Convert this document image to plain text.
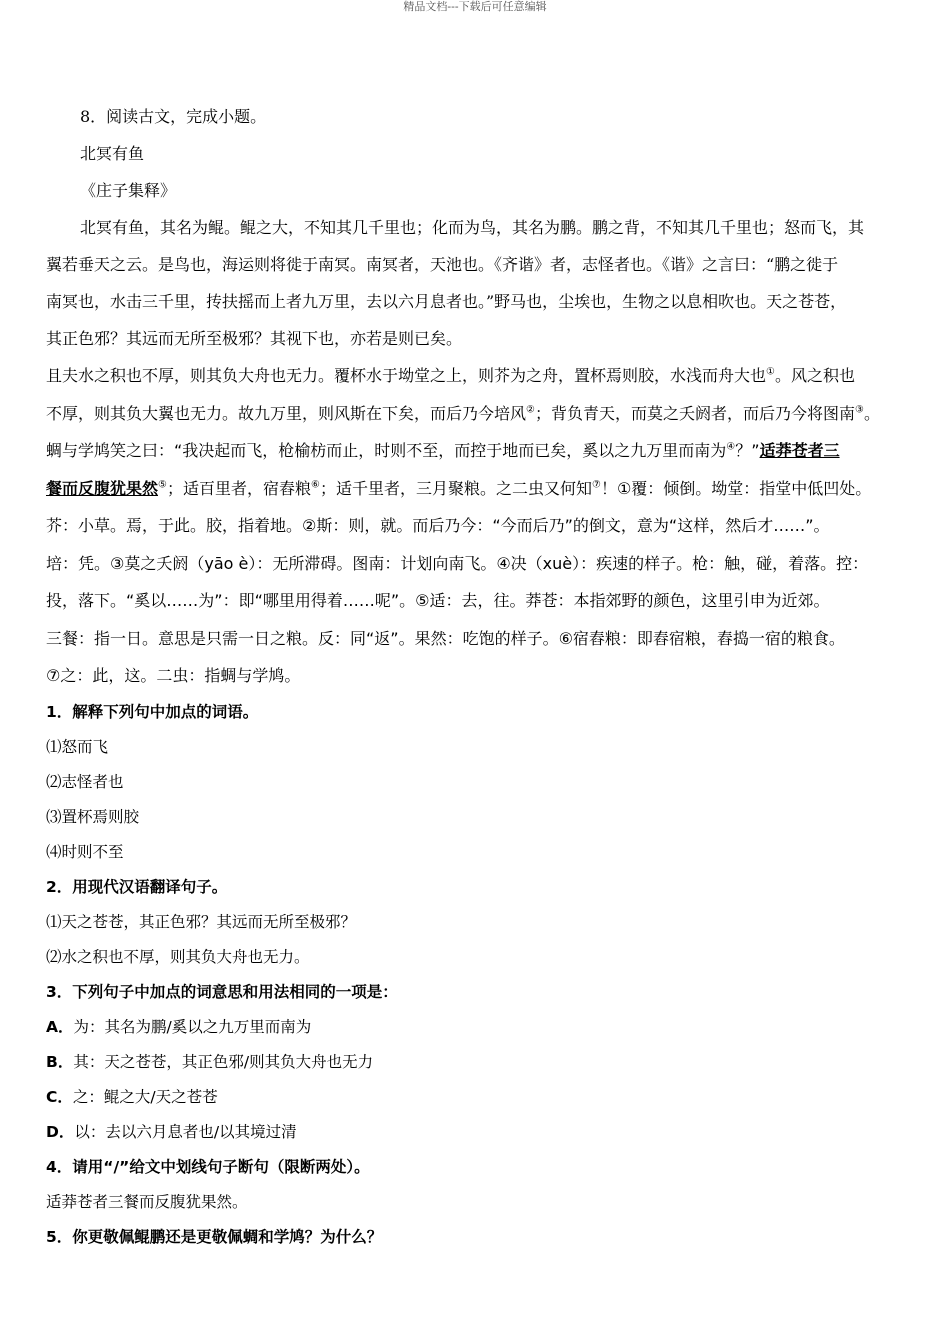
精品文档---下载后可任意编辑
8．阅读古文，完成小题。
北冥有鱼
《庄子集释》
北冥有鱼，其名为鲲。鲲之大，不知其几千里也；化而为鸟，其名为鹏。鹏之背，不知其几千里也；怒而飞，其
翼若垂天之云。是鸟也，海运则将徙于南冥。南冥者，天池也。《齐谐》者，志怪者也。《谐》之言曰：“鹏之徙于
南冥也，水击三千里，抟扶摇而上者九万里，去以六月息者也。”野马也，尘埃也，生物之以息相吹也。天之苍苍，
其正色邪？其远而无所至极邪？其视下也，亦若是则已矣。
且夫水之积也不厚，则其负大舟也无力。覆杯水于坳堂之上，则芥为之舟，置杯焉则胶，水浅而舟大也①。风之积也
不厚，则其负大翼也无力。故九万里，则风斯在下矣，而后乃今培风②；背负青天，而莫之夭阏者，而后乃今将图南③。
蜩与学鸠笑之曰：“我决起而飞，枪榆枋而止，时则不至，而控于地而已矣，奚以之九万里而南为④？”适莽苍者三
餐而反腹犹果然⑤；适百里者，宿舂粮⑥；适千里者，三月聚粮。之二虫又何知⑦！①覆：倾倒。坳堂：指堂中低凹处。
芥：小草。焉，于此。胶，指着地。②斯：则，就。而后乃今：“今而后乃”的倒文，意为“这样，然后才……”。
培：凭。③莫之夭阏（yāo è）：无所滞碍。图南：计划向南飞。④决（xuè）：疾速的样子。枪：触，碰，着落。控：
投，落下。“奚以……为”：即“哪里用得着……呢”。⑤适：去，往。莽苍：本指郊野的颜色，这里引申为近郊。
三餐：指一日。意思是只需一日之粮。反：同“返”。果然：吃饱的样子。⑥宿舂粮：即舂宿粮，舂捣一宿的粮食。
⑦之：此，这。二虫：指蜩与学鸠。
1．解释下列句中加点的词语。
⑴怒而飞
⑵志怪者也
⑶置杯焉则胶
⑷时则不至
2．用现代汉语翻译句子。
⑴天之苍苍，其正色邪？其远而无所至极邪？
⑵水之积也不厚，则其负大舟也无力。
3．下列句子中加点的词意思和用法相同的一项是：
A．为：其名为鹏/奚以之九万里而南为
B．其：天之苍苍，其正色邪/则其负大舟也无力
C．之：鲲之大/天之苍苍
D．以：去以六月息者也/以其境过清
4．请用“/”给文中划线句子断句（限断两处）。
适莽苍者三餐而反腹犹果然。
5．你更敬佩鲲鹏还是更敬佩蜩和学鸠？为什么？
